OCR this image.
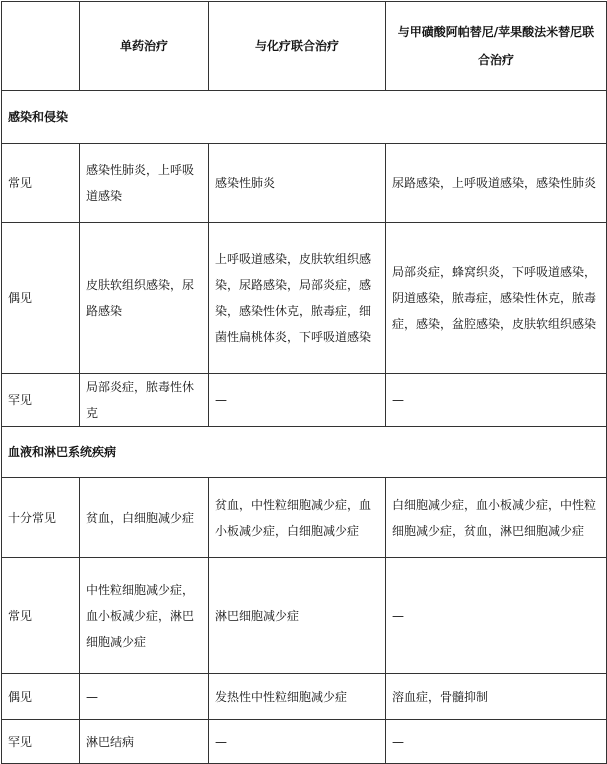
	单药治疗	与化疗联合治疗	与甲磺酸阿帕替尼/苹果酸法米替尼联合治疗
感染和侵染			
常见	感染性肺炎，上呼吸道感染	感染性肺炎	尿路感染，上呼吸道感染，感染性肺炎
偶见	皮肤软组织感染，尿路感染	上呼吸道感染，皮肤软组织感染，尿路感染，局部炎症，感染，感染性休克，脓毒症，细菌性扁桃体炎，下呼吸道感染	局部炎症，蜂窝织炎，下呼吸道感染，阴道感染，脓毒症，感染性休克，脓毒症，感染，盆腔感染，皮肤软组织感染
罕见	局部炎症，脓毒性休克	—	—
血液和淋巴系统疾病			
十分常见	贫血，白细胞减少症	贫血，中性粒细胞减少症，血小板减少症，白细胞减少症	白细胞减少症，血小板减少症，中性粒细胞减少症，贫血，淋巴细胞减少症
常见	中性粒细胞减少症，血小板减少症，淋巴细胞减少症	淋巴细胞减少症	—
偶见	—	发热性中性粒细胞减少症	溶血症，骨髓抑制
罕见	淋巴结病	—	—
